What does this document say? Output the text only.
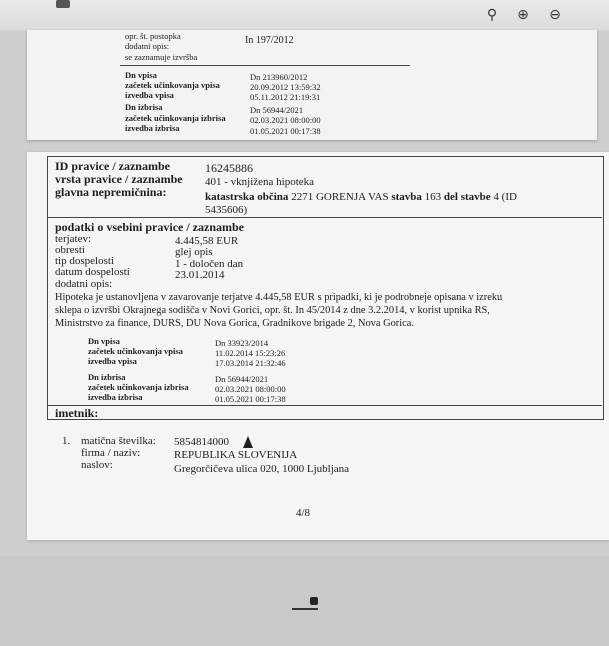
⚲ ⊕ ⊖
opr. št. postopka	In 197/2012
dodatni opis:
se zaznamuje izvršba
Dn vpisa	Dn 213960/2012
začetek učinkovanja vpisa	20.09.2012 13:59:32
izvedba vpisa	05.11.2012 21:19:31
Dn izbrisa	Dn 56944/2021
začetek učinkovanja izbrisa	02.03.2021 08:00:00
izvedba izbrisa	01.05.2021 00:17:38
ID pravice / zaznambe	16245886
vrsta pravice / zaznambe 401 - vknjižena hipoteka
glavna nepremičnina:	katastrska občina 2271 GORENJA VAS stavba 163 del stavbe 4 (ID
5435606)
podatki o vsebini pravice / zaznambe
terjatev:	4.445,58 EUR
obresti	glej opis
tip dospelosti	1 - določen dan
datum dospelosti	23.01.2014
dodatni opis:
Hipoteka je ustanovljena v zavarovanje terjatve 4.445,58 EUR s pripadki, ki je podrobneje opisana v izreku
sklepa o izvršbi Okrajnega sodišča v Novi Gorici, opr. št. In 45/2014 z dne 3.2.2014, v korist upnika RS,
Ministrstvo za finance, DURS, DU Nova Gorica, Gradnikove brigade 2, Nova Gorica.
Dn vpisa	Dn 33923/2014
začetek učinkovanja vpisa	11.02.2014 15:23:26
izvedba vpisa	17.03.2014 21:32:46
Dn izbrisa	Dn 56944/2021
začetek učinkovanja izbrisa	02.03.2021 08:00:00
izvedba izbrisa	01.05.2021 00:17:38
imetnik:
1. matična številka: 5854814000
firma / naziv:	REPUBLIKA SLOVENIJA
naslov:	Gregorčičeva ulica 020, 1000 Ljubljana
4/8
